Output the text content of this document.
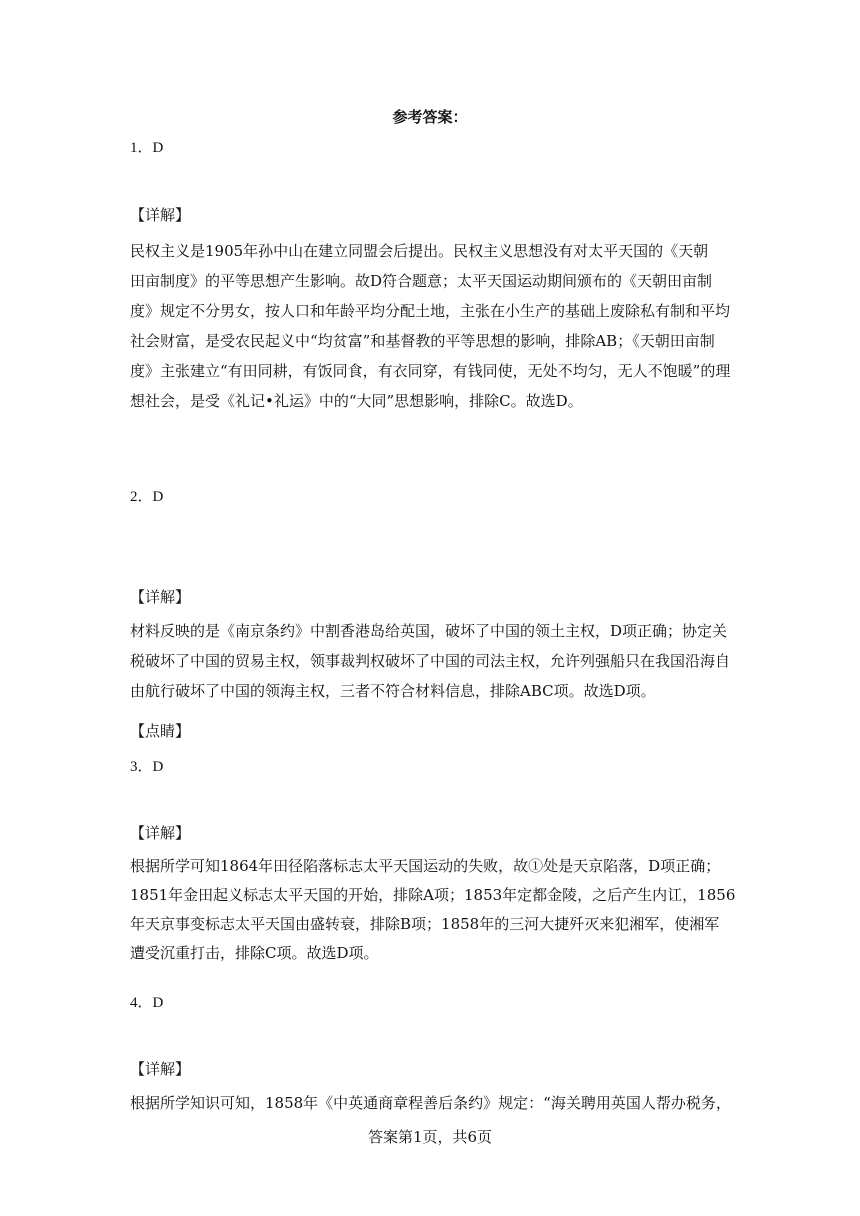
参考答案：
1．D
【详解】
民权主义是1905年孙中山在建立同盟会后提出。民权主义思想没有对太平天国的《天朝
田亩制度》的平等思想产生影响。故D符合题意；太平天国运动期间颁布的《天朝田亩制
度》规定不分男女，按人口和年龄平均分配土地，主张在小生产的基础上废除私有制和平均
社会财富，是受农民起义中“均贫富”和基督教的平等思想的影响，排除AB；《天朝田亩制
度》主张建立“有田同耕，有饭同食，有衣同穿，有钱同使，无处不均匀，无人不饱暖”的理
想社会，是受《礼记•礼运》中的“大同”思想影响，排除C。故选D。
2．D
【详解】
材料反映的是《南京条约》中割香港岛给英国，破坏了中国的领土主权，D项正确；协定关
税破坏了中国的贸易主权，领事裁判权破坏了中国的司法主权，允许列强船只在我国沿海自
由航行破坏了中国的领海主权，三者不符合材料信息，排除ABC项。故选D项。
【点睛】
3．D
【详解】
根据所学可知1864年田径陷落标志太平天国运动的失败，故①处是天京陷落，D项正确；
1851年金田起义标志太平天国的开始，排除A项；1853年定都金陵，之后产生内讧，1856
年天京事变标志太平天国由盛转衰，排除B项；1858年的三河大捷歼灭来犯湘军，使湘军
遭受沉重打击，排除C项。故选D项。
4．D
【详解】
根据所学知识可知，1858年《中英通商章程善后条约》规定：“海关聘用英国人帮办税务，
答案第1页，共6页
